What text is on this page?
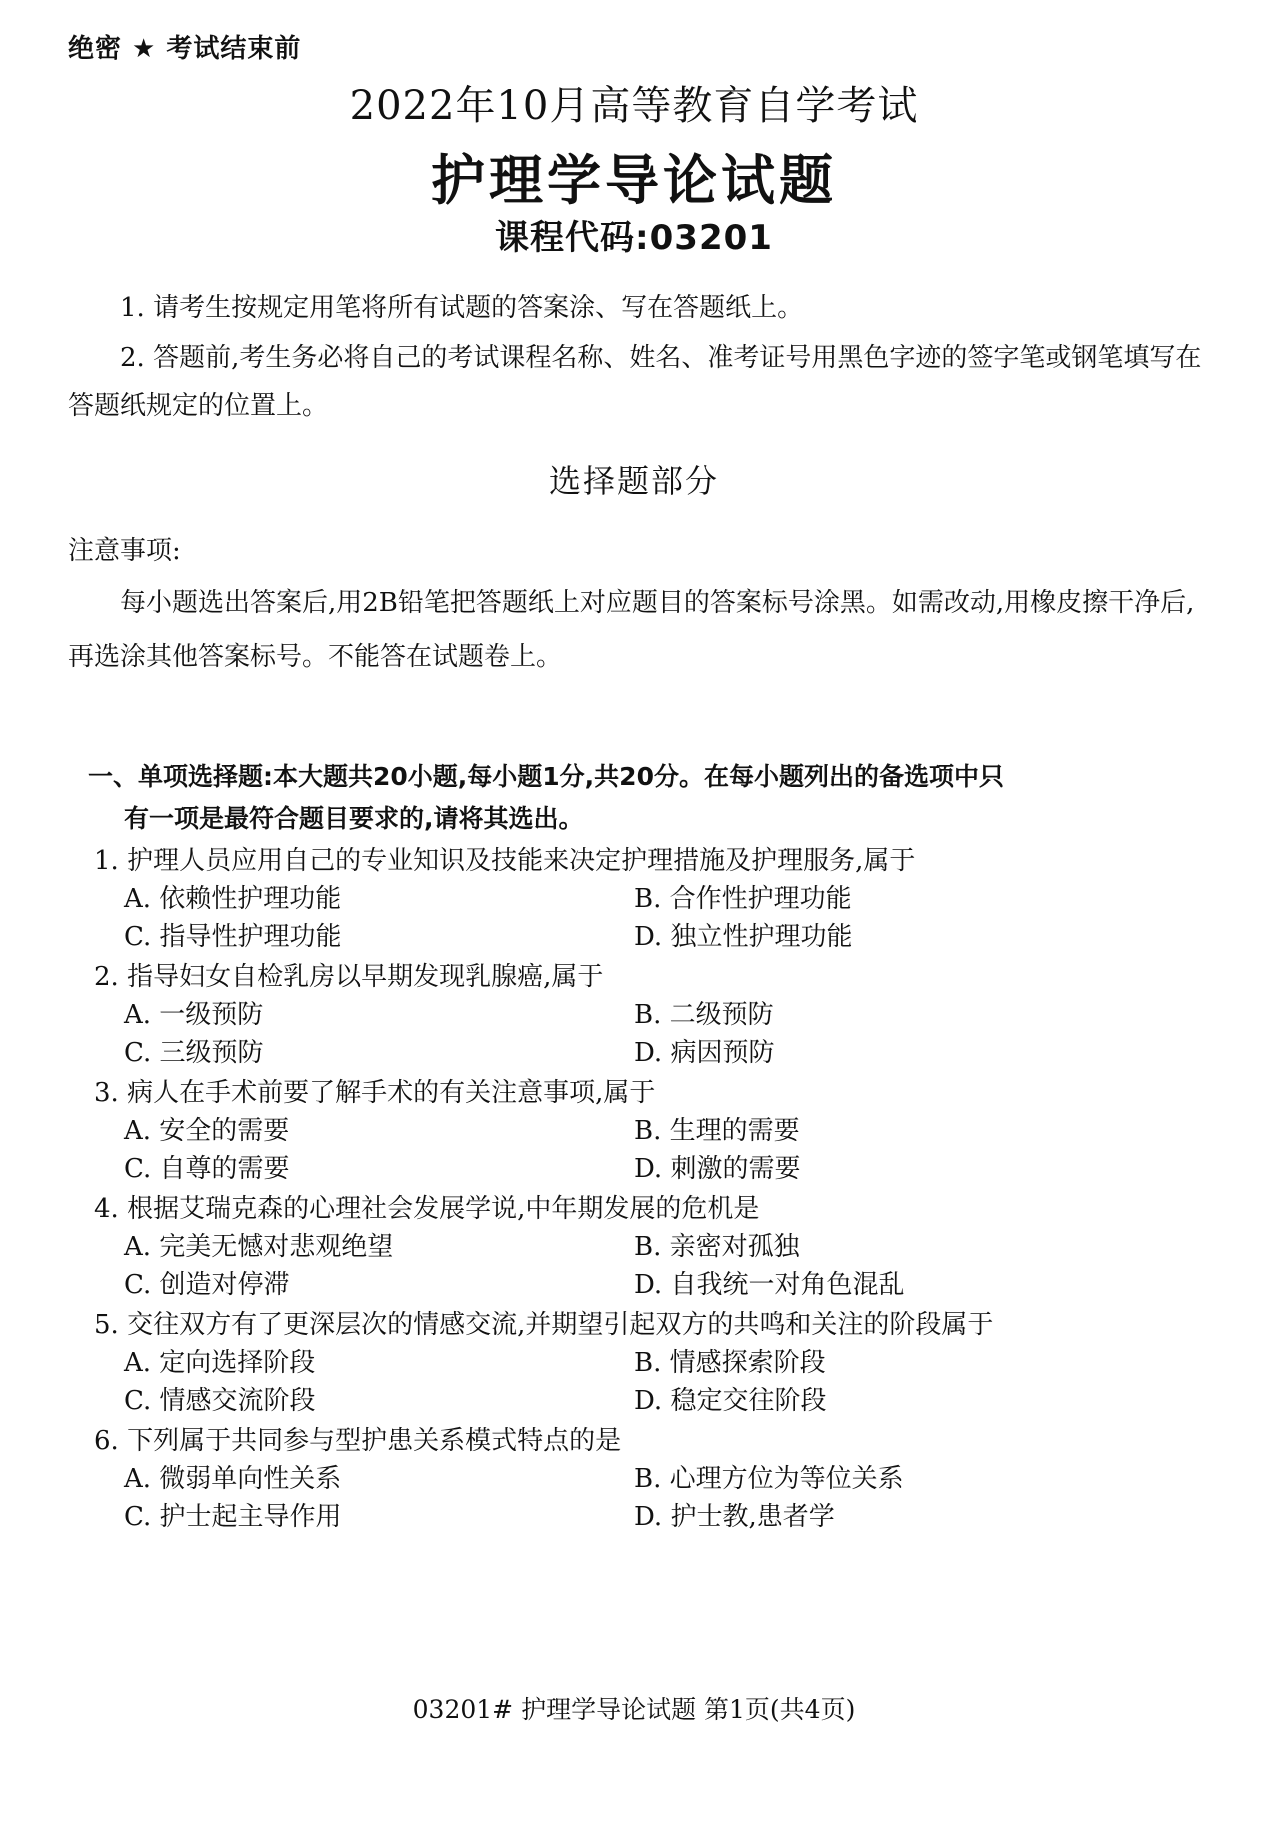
绝密 ★ 考试结束前
2022年10月高等教育自学考试
护理学导论试题
课程代码:03201
1. 请考生按规定用笔将所有试题的答案涂、写在答题纸上。
2. 答题前,考生务必将自己的考试课程名称、姓名、准考证号用黑色字迹的签字笔或钢笔填写在答题纸规定的位置上。
选择题部分
注意事项:
每小题选出答案后,用2B铅笔把答题纸上对应题目的答案标号涂黑。如需改动,用橡皮擦干净后,再选涂其他答案标号。不能答在试题卷上。
一、单项选择题:本大题共20小题,每小题1分,共20分。在每小题列出的备选项中只
有一项是最符合题目要求的,请将其选出。
1. 护理人员应用自己的专业知识及技能来决定护理措施及护理服务,属于
A. 依赖性护理功能	B. 合作性护理功能
C. 指导性护理功能	D. 独立性护理功能
2. 指导妇女自检乳房以早期发现乳腺癌,属于
A. 一级预防	B. 二级预防
C. 三级预防	D. 病因预防
3. 病人在手术前要了解手术的有关注意事项,属于
A. 安全的需要	B. 生理的需要
C. 自尊的需要	D. 刺激的需要
4. 根据艾瑞克森的心理社会发展学说,中年期发展的危机是
A. 完美无憾对悲观绝望	B. 亲密对孤独
C. 创造对停滞	D. 自我统一对角色混乱
5. 交往双方有了更深层次的情感交流,并期望引起双方的共鸣和关注的阶段属于
A. 定向选择阶段	B. 情感探索阶段
C. 情感交流阶段	D. 稳定交往阶段
6. 下列属于共同参与型护患关系模式特点的是
A. 微弱单向性关系	B. 心理方位为等位关系
C. 护士起主导作用	D. 护士教,患者学
03201# 护理学导论试题 第1页(共4页)
